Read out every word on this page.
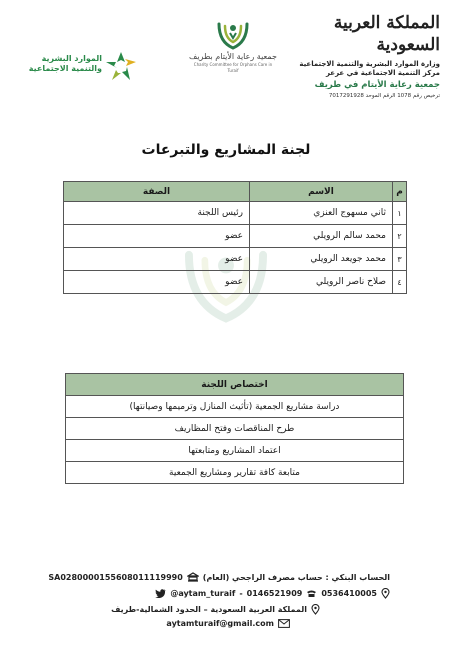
المملكة العربية السعودية
وزارة الموارد البشرية والتنمية الاجتماعية
مركز التنمية الاجتماعية في عرعر
جمعية رعاية الأيتام في طريف
ترخيص رقم 1078 الرقم الموحد 7017291928
جمعية رعاية الأيتام بطريف
Charity Committee for Orphans Care in Turaif
الموارد البشرية
والتنمية الاجتماعية
لجنة المشاريع والتبرعات
م	الاسم	الصفة
١	ثاني مسهوج العنزي	رئيس اللجنة
٢	محمد سالم الرويلي	عضو
٣	محمد جويعد الرويلي	عضو
٤	صلاح ناصر الرويلي	عضو
اختصاص اللجنة
دراسة مشاريع الجمعية (تأثيث المنازل وترميمها وصيانتها)
طرح المناقصات وفتح المظاريف
اعتماد المشاريع ومتابعتها
متابعة كافة تقارير ومشاريع الجمعية
الحساب البنكي : حساب مصرف الراجحي (العام)
SA0280000155608011119990
0536410005
0146521909
-
@aytam_turaif
المملكة العربية السعودية – الحدود الشمالية-طريف
aytamturaif@gmail.com
